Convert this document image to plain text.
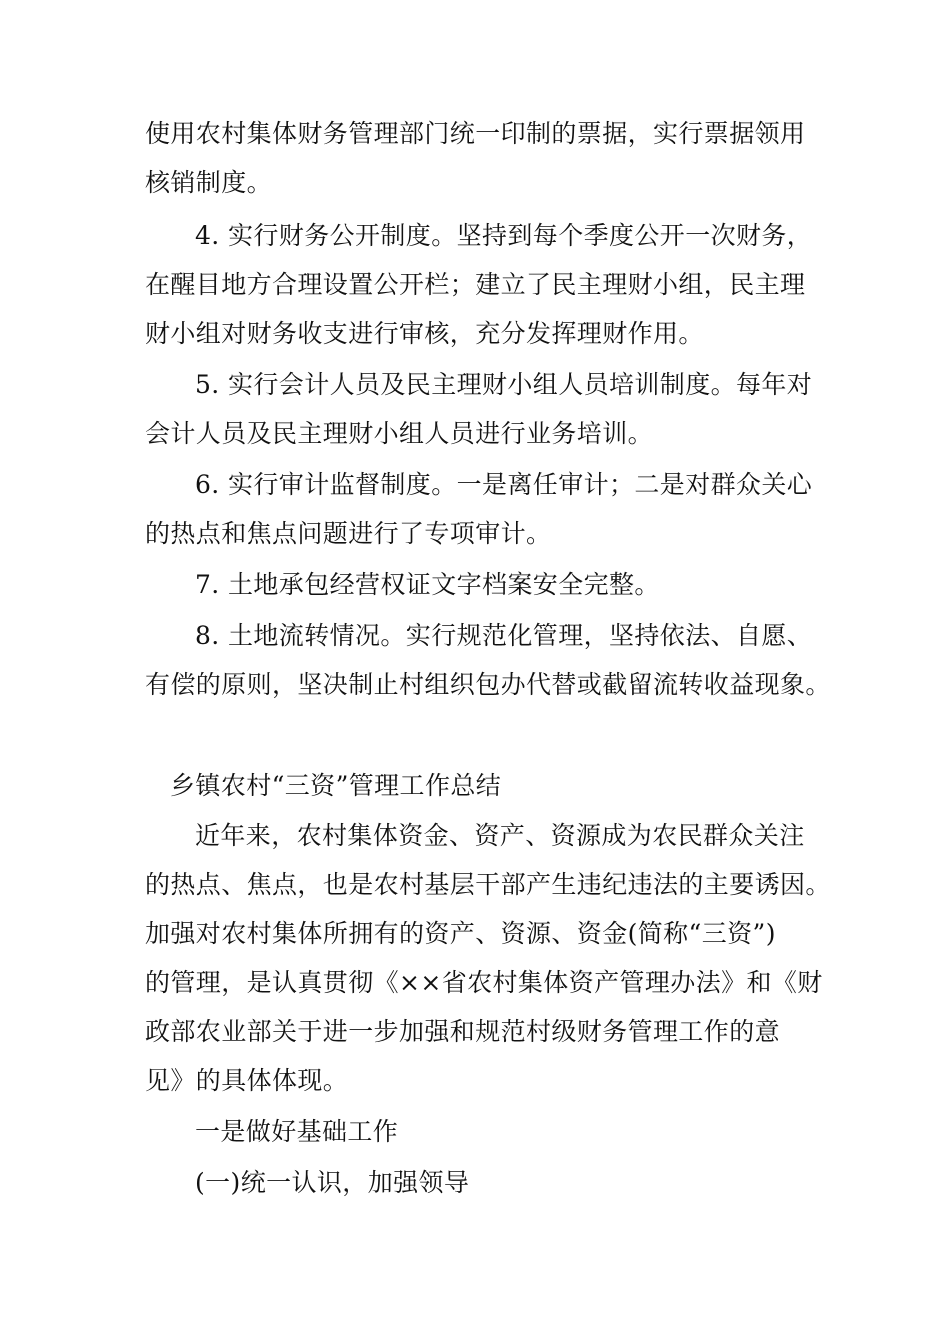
使用农村集体财务管理部门统一印制的票据，实行票据领用
核销制度。
4. 实行财务公开制度。坚持到每个季度公开一次财务，
在醒目地方合理设置公开栏；建立了民主理财小组，民主理
财小组对财务收支进行审核，充分发挥理财作用。
5. 实行会计人员及民主理财小组人员培训制度。每年对
会计人员及民主理财小组人员进行业务培训。
6. 实行审计监督制度。一是离任审计；二是对群众关心
的热点和焦点问题进行了专项审计。
7. 土地承包经营权证文字档案安全完整。
8. 土地流转情况。实行规范化管理，坚持依法、自愿、
有偿的原则，坚决制止村组织包办代替或截留流转收益现象。
乡镇农村“三资”管理工作总结
近年来，农村集体资金、资产、资源成为农民群众关注
的热点、焦点，也是农村基层干部产生违纪违法的主要诱因。
加强对农村集体所拥有的资产、资源、资金(简称“三资”)
的管理，是认真贯彻《××省农村集体资产管理办法》和《财
政部农业部关于进一步加强和规范村级财务管理工作的意
见》的具体体现。
一是做好基础工作
(一)统一认识，加强领导
